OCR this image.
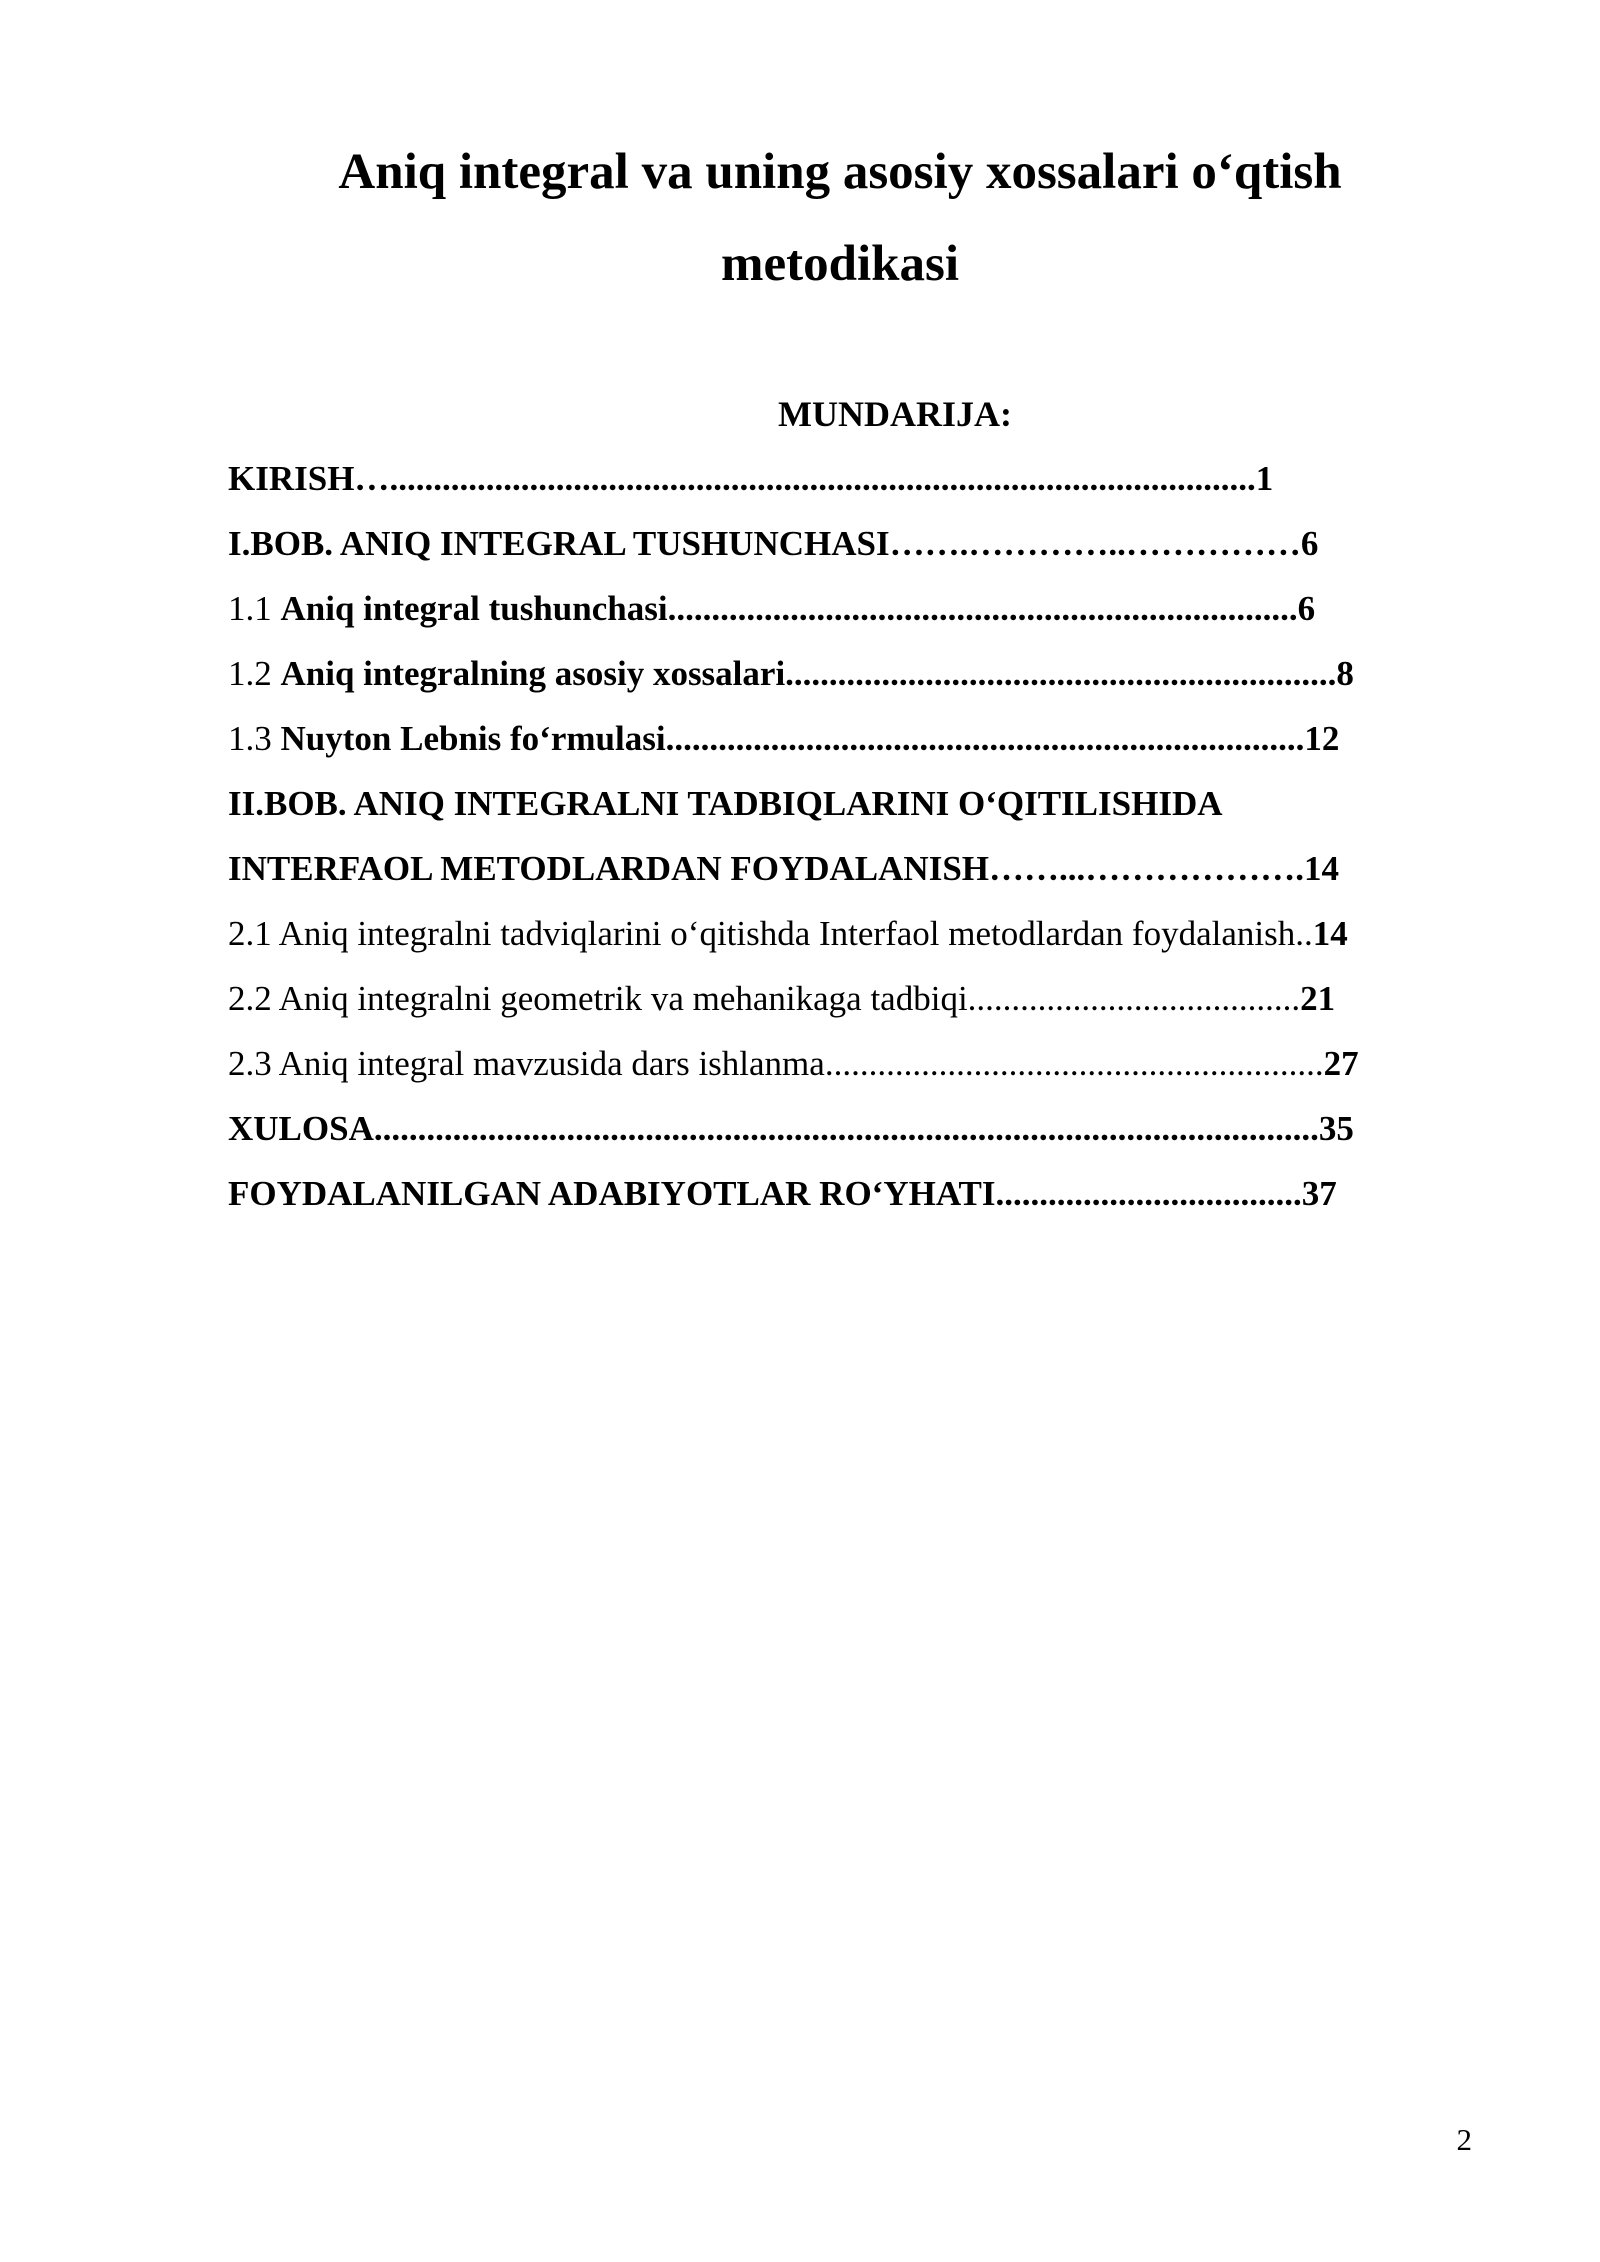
Aniq integral va uning asosiy xossalari o‘qtish
metodikasi
MUNDARIJA:
KIRISH…...................................................................................................1
I.BOB. ANIQ INTEGRAL TUSHUNCHASI…….…………..……………6
1.1 Aniq integral tushunchasi........................................................................6
1.2 Aniq integralning asosiy xossalari...............................................................8
1.3 Nuyton Lebnis fo‘rmulasi.........................................................................12
II.BOB. ANIQ INTEGRALNI TADBIQLARINI O‘QITILISHIDA
INTERFAOL METODLARDAN FOYDALANISH……...……………….14
2.1 Aniq integralni tadviqlarini o‘qitishda Interfaol metodlardan foydalanish..14
2.2 Aniq integralni geometrik va mehanikaga tadbiqi......................................21
2.3 Aniq integral mavzusida dars ishlanma.........................................................27
XULOSA............................................................................................................35
FOYDALANILGAN ADABIYOTLAR RO‘YHATI...................................37
2
